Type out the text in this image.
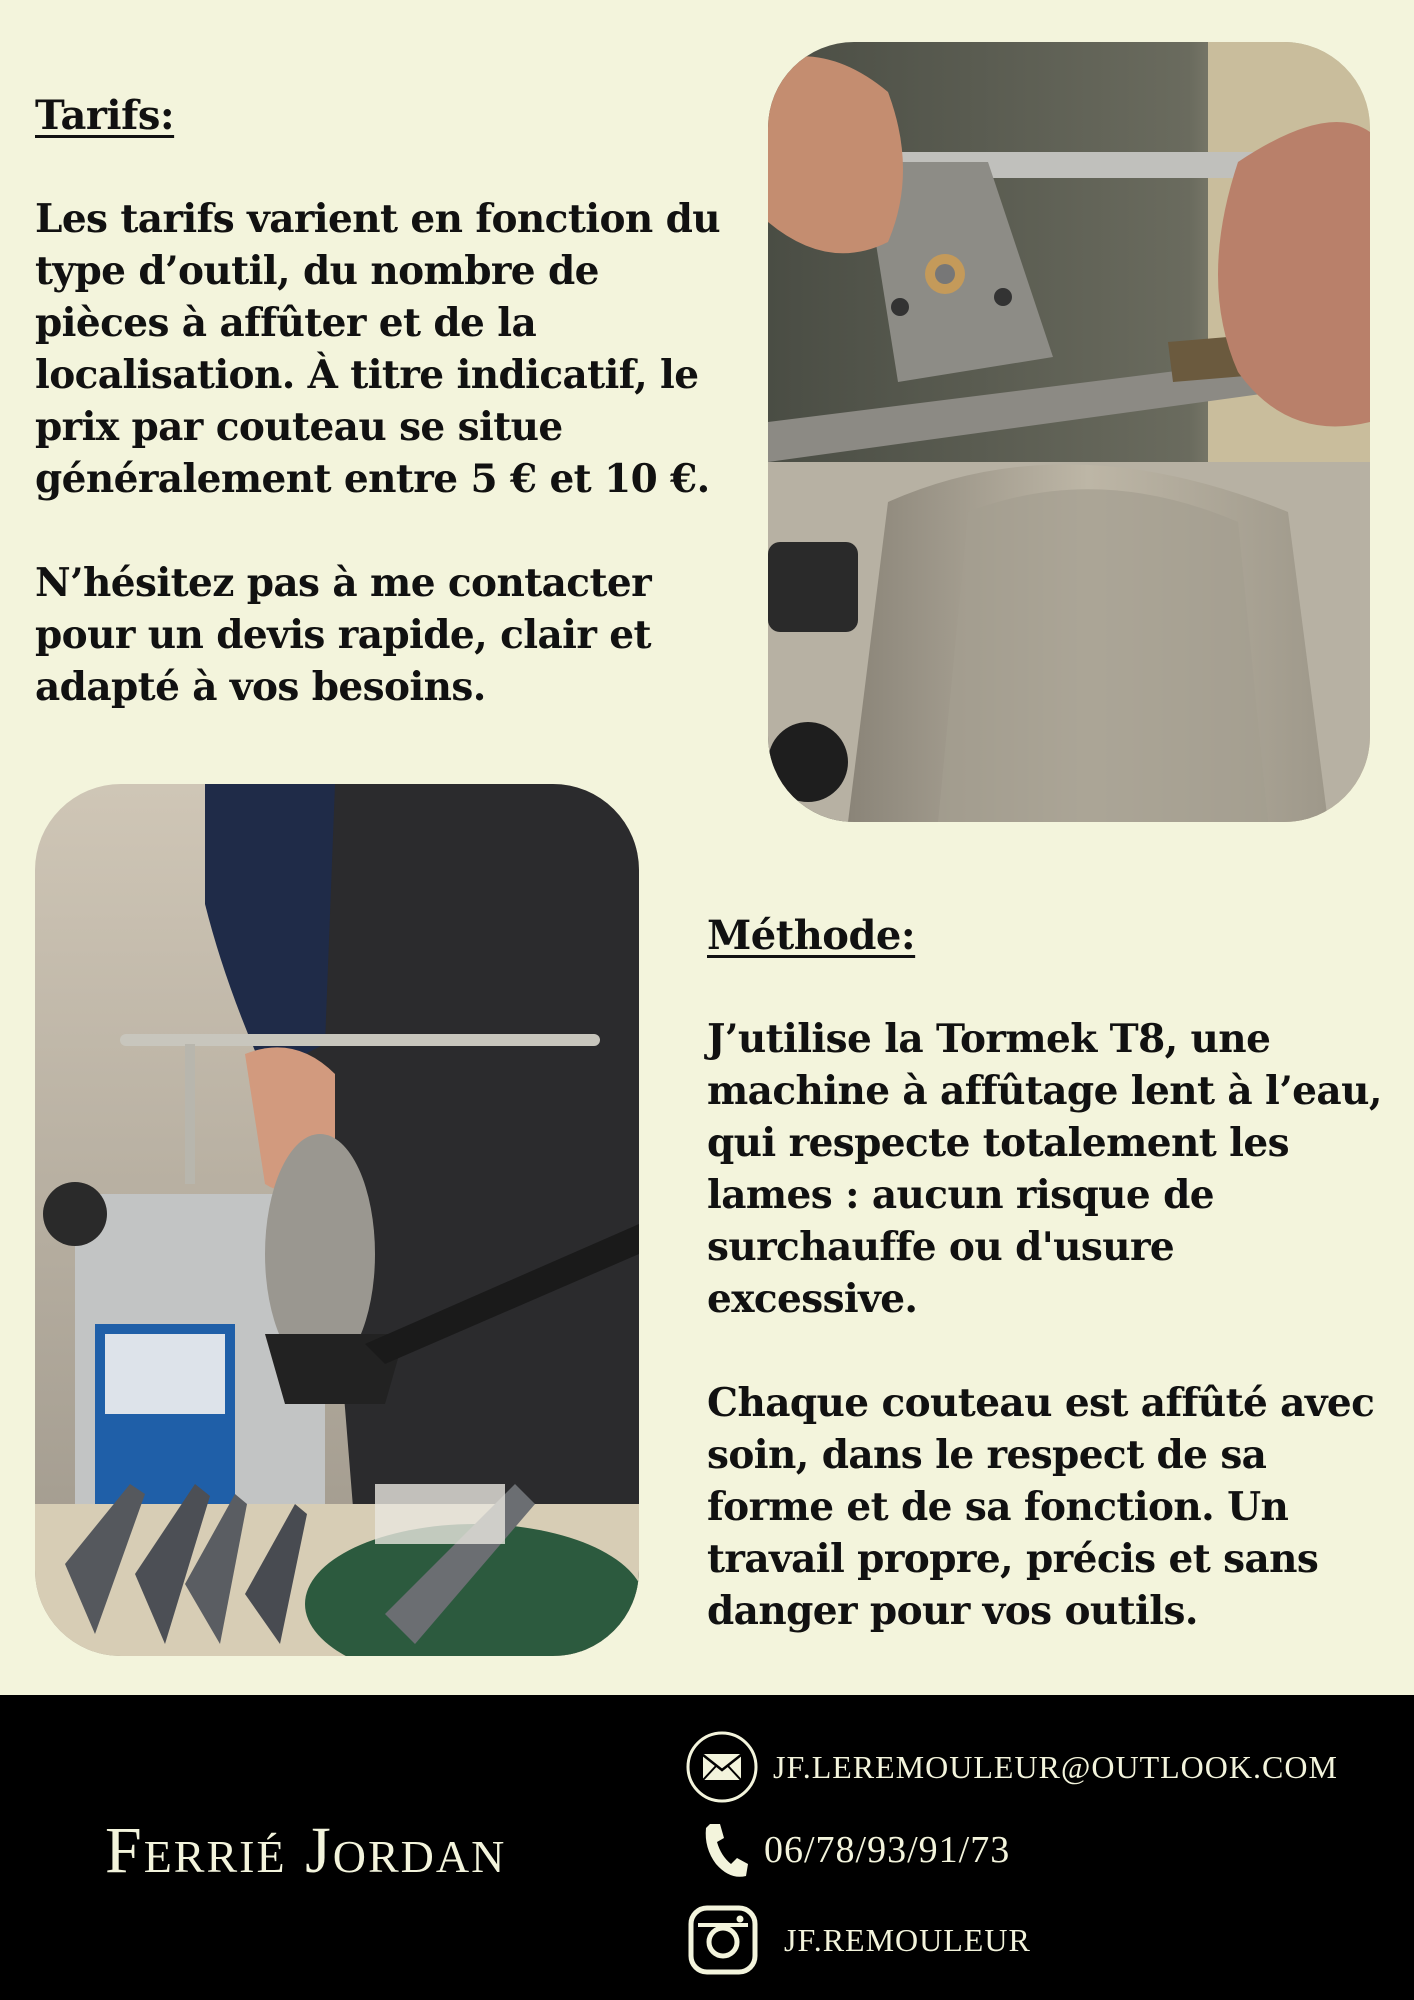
Tarifs:

Les tarifs varient en fonction du type d’outil, du nombre de pièces à affûter et de la localisation. À titre indicatif, le prix par couteau se situe généralement entre 5 € et 10 €.

N’hésitez pas à me contacter pour un devis rapide, clair et adapté à vos besoins.

Méthode:

J’utilise la Tormek T8, une machine à affûtage lent à l’eau, qui respecte totalement les lames : aucun risque de surchauffe ou d'usure excessive.

Chaque couteau est affûté avec soin, dans le respect de sa forme et de sa fonction. Un travail propre, précis et sans danger pour vos outils.

Ferrié Jordan
JF.LEREMOULEUR@OUTLOOK.COM
06/78/93/91/73
JF.REMOULEUR
